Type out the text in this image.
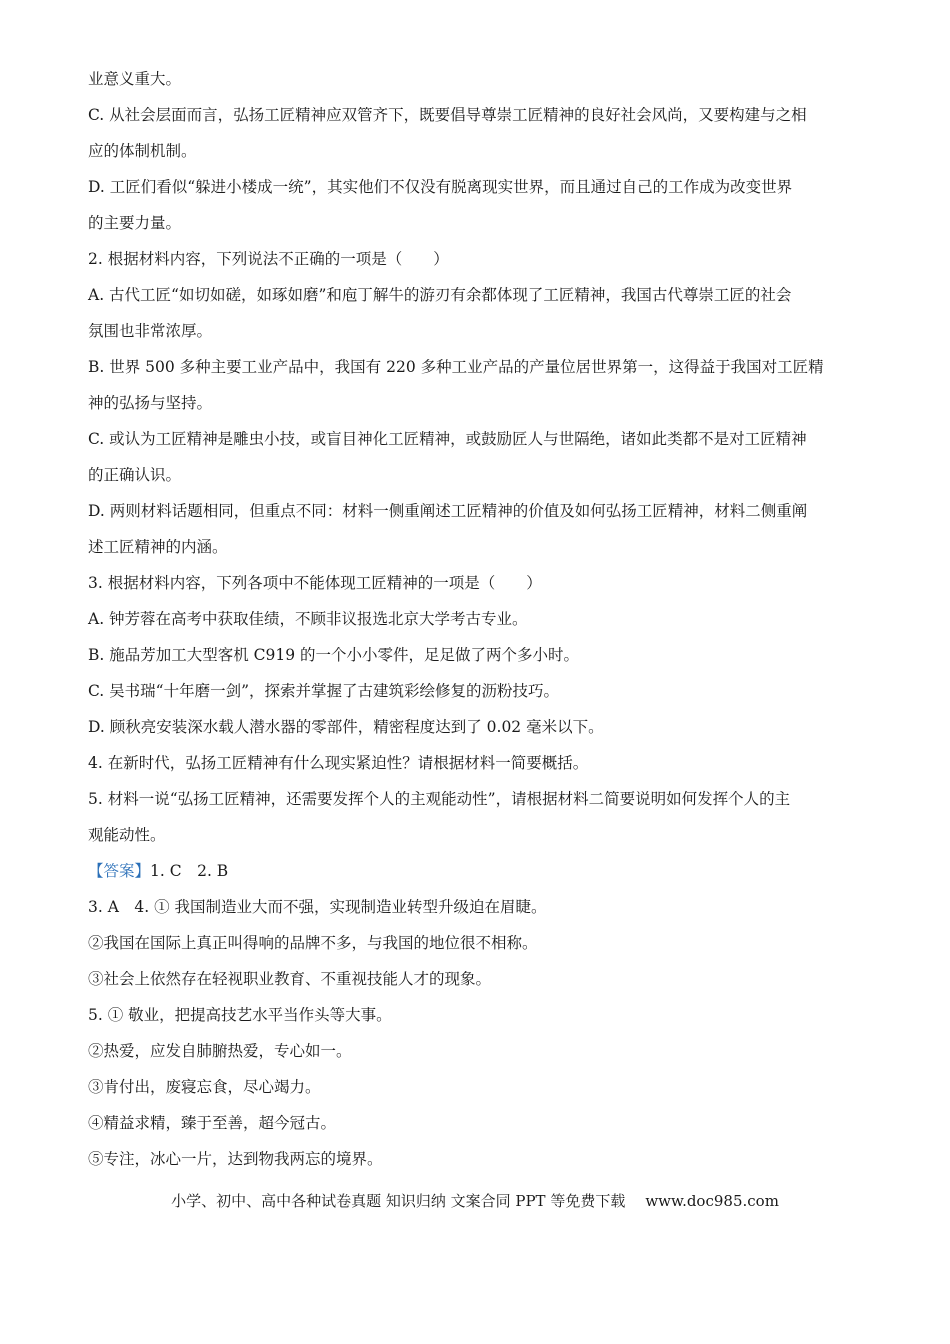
业意义重大。
C. 从社会层面而言，弘扬工匠精神应双管齐下，既要倡导尊崇工匠精神的良好社会风尚，又要构建与之相
应的体制机制。
D. 工匠们看似“躲进小楼成一统”，其实他们不仅没有脱离现实世界，而且通过自己的工作成为改变世界
的主要力量。
2. 根据材料内容，下列说法不正确的一项是（　　）
A. 古代工匠“如切如磋，如琢如磨”和庖丁解牛的游刃有余都体现了工匠精神，我国古代尊崇工匠的社会
氛围也非常浓厚。
B. 世界 500 多种主要工业产品中，我国有 220 多种工业产品的产量位居世界第一，这得益于我国对工匠精
神的弘扬与坚持。
C. 或认为工匠精神是雕虫小技，或盲目神化工匠精神，或鼓励匠人与世隔绝，诸如此类都不是对工匠精神
的正确认识。
D. 两则材料话题相同，但重点不同：材料一侧重阐述工匠精神的价值及如何弘扬工匠精神，材料二侧重阐
述工匠精神的内涵。
3. 根据材料内容，下列各项中不能体现工匠精神的一项是（　　）
A. 钟芳蓉在高考中获取佳绩，不顾非议报选北京大学考古专业。
B. 施品芳加工大型客机 C919 的一个小小零件，足足做了两个多小时。
C. 吴书瑞“十年磨一剑”，探索并掌握了古建筑彩绘修复的沥粉技巧。
D. 顾秋亮安装深水载人潜水器的零部件，精密程度达到了 0.02 毫米以下。
4. 在新时代，弘扬工匠精神有什么现实紧迫性？请根据材料一简要概括。
5. 材料一说“弘扬工匠精神，还需要发挥个人的主观能动性”，请根据材料二简要说明如何发挥个人的主
观能动性。
【答案】1. C　2. B
3. A　4. ① 我国制造业大而不强，实现制造业转型升级迫在眉睫。
②我国在国际上真正叫得响的品牌不多，与我国的地位很不相称。
③社会上依然存在轻视职业教育、不重视技能人才的现象。
5. ① 敬业，把提高技艺水平当作头等大事。
②热爱，应发自肺腑热爱，专心如一。
③肯付出，废寝忘食，尽心竭力。
④精益求精，臻于至善，超今冠古。
⑤专注，冰心一片，达到物我两忘的境界。
小学、初中、高中各种试卷真题 知识归纳 文案合同 PPT 等免费下载 www.doc985.com
